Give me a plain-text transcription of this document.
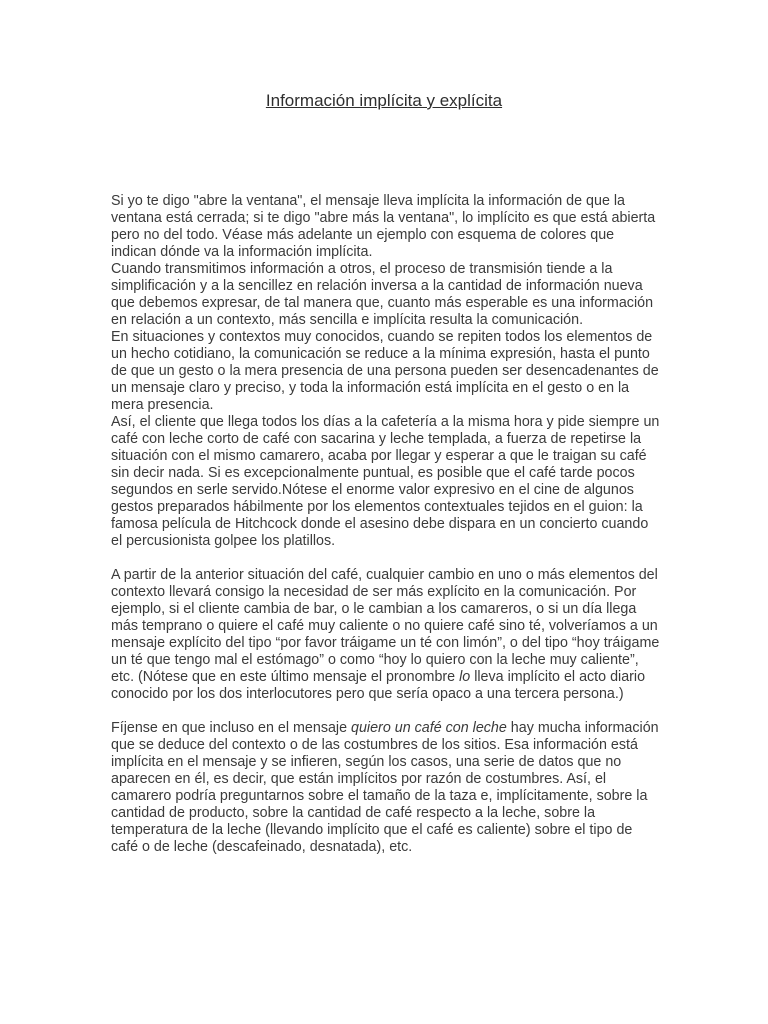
Información implícita y explícita

Si yo te digo "abre la ventana", el mensaje lleva implícita la información de que la ventana está cerrada; si te digo "abre más la ventana", lo implícito es que está abierta pero no del todo. Véase más adelante un ejemplo con esquema de colores que indican dónde va la información implícita.

Cuando transmitimos información a otros, el proceso de transmisión tiende a la simplificación y a la sencillez en relación inversa a la cantidad de información nueva que debemos expresar, de tal manera que, cuanto más esperable es una información en relación a un contexto, más sencilla e implícita resulta la comunicación.

En situaciones y contextos muy conocidos, cuando se repiten todos los elementos de un hecho cotidiano, la comunicación se reduce a la mínima expresión, hasta el punto de que un gesto o la mera presencia de una persona pueden ser desencadenantes de un mensaje claro y preciso, y toda la información está implícita en el gesto o en la mera presencia.

Así, el cliente que llega todos los días a la cafetería a la misma hora y pide siempre un café con leche corto de café con sacarina y leche templada, a fuerza de repetirse la situación con el mismo camarero, acaba por llegar y esperar a que le traigan su café sin decir nada. Si es excepcionalmente puntual, es posible que el café tarde pocos segundos en serle servido.Nótese el enorme valor expresivo en el cine de algunos gestos preparados hábilmente por los elementos contextuales tejidos en el guion: la famosa película de Hitchcock donde el asesino debe dispara en un concierto cuando el percusionista golpee los platillos.

A partir de la anterior situación del café, cualquier cambio en uno o más elementos del contexto llevará consigo la necesidad de ser más explícito en la comunicación. Por ejemplo, si el cliente cambia de bar, o le cambian a los camareros, o si un día llega más temprano o quiere el café muy caliente o no quiere café sino té, volveríamos a un mensaje explícito del tipo “por favor tráigame un té con limón”, o del tipo “hoy tráigame un té que tengo mal el estómago” o como “hoy lo quiero con la leche muy caliente”, etc. (Nótese que en este último mensaje el pronombre lo lleva implícito el acto diario conocido por los dos interlocutores pero que sería opaco a una tercera persona.)

Fíjense en que incluso en el mensaje quiero un café con leche hay mucha información que se deduce del contexto o de las costumbres de los sitios. Esa información está implícita en el mensaje y se infieren, según los casos, una serie de datos que no aparecen en él, es decir, que están implícitos por razón de costumbres. Así, el camarero podría preguntarnos sobre el tamaño de la taza e, implícitamente, sobre la cantidad de producto, sobre la cantidad de café respecto a la leche, sobre la temperatura de la leche (llevando implícito que el café es caliente) sobre el tipo de café o de leche (descafeinado, desnatada), etc.
